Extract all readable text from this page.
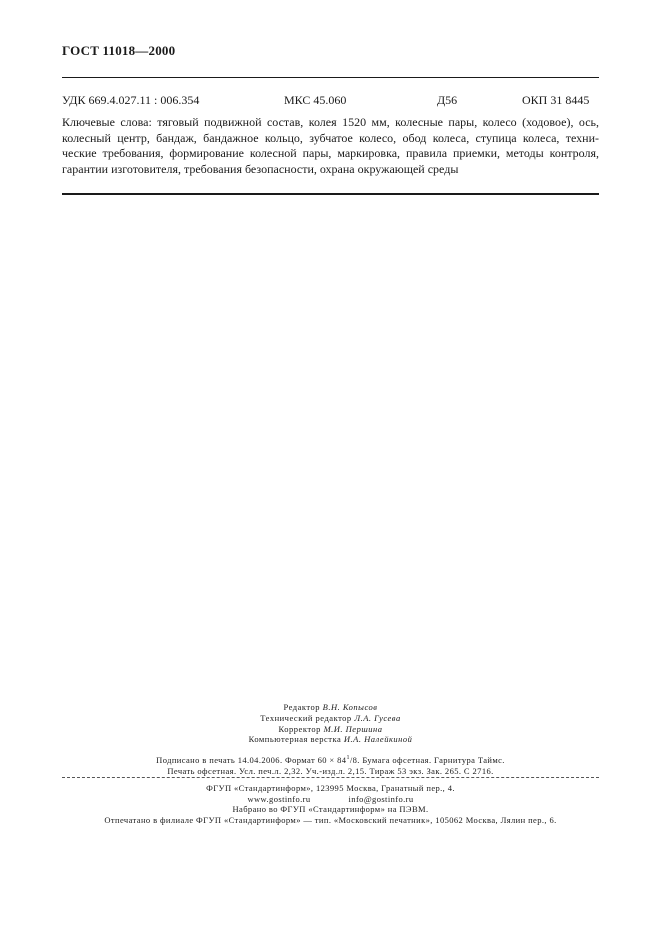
ГОСТ 11018—2000
УДК 669.4.027.11 : 006.354	МКС 45.060	Д56	ОКП 31 8445
Ключевые слова: тяговый подвижной состав, колея 1520 мм, колесные пары, колесо (ходовое), ось,
колесный центр, бандаж, бандажное кольцо, зубчатое колесо, обод колеса, ступица колеса, техни-
ческие требования, формирование колесной пары, маркировка, правила приемки, методы контроля,
гарантии изготовителя, требования безопасности, охрана окружающей среды
Редактор В.Н. Копысов
Технический редактор Л.А. Гусева
Корректор М.И. Першина
Компьютерная верстка И.А. Налейкиной
Подписано в печать 14.04.2006. Формат $60 \times 84^1/8$. Бумага офсетная. Гарнитура Таймс.
Печать офсетная. Усл. печ.л. 2,32. Уч.-изд.л. 2,15. Тираж 53 экз. Зак. 265. С 2716.
ФГУП «Стандартинформ», 123995 Москва, Гранатный пер., 4.
www.gostinfo.ru	info@gostinfo.ru
Набрано во ФГУП «Стандартинформ» на ПЭВМ.
Отпечатано в филиале ФГУП «Стандартинформ» — тип. «Московский печатник», 105062 Москва, Лялин пер., 6.
